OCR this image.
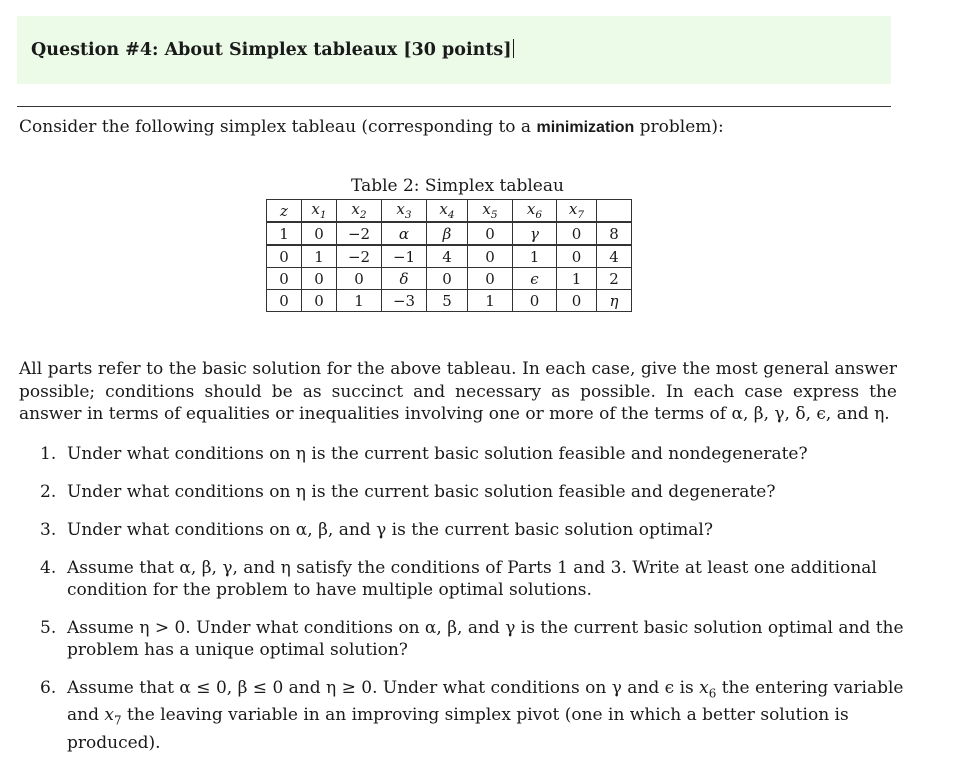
Question #4: About Simplex tableaux [30 points]
Consider the following simplex tableau (corresponding to a minimization problem):
Table 2: Simplex tableau
z	$x_1$	$x_2$	$x_3$	$x_4$	$x_5$	$x_6$	$x_7$	
1	0	−2	α	β	0	γ	0	8
0	1	−2	−1	4	0	1	0	4
0	0	0	δ	0	0	ϵ	1	2
0	0	1	−3	5	1	0	0	η
All parts refer to the basic solution for the above tableau. In each case, give the most general answer possible; conditions should be as succinct and necessary as possible. In each case express the answer in terms of equalities or inequalities involving one or more of the terms of α, β, γ, δ, ϵ, and η.
1. Under what conditions on η is the current basic solution feasible and nondegenerate?
2. Under what conditions on η is the current basic solution feasible and degenerate?
3. Under what conditions on α, β, and γ is the current basic solution optimal?
4. Assume that α, β, γ, and η satisfy the conditions of Parts 1 and 3. Write at least one additional condition for the problem to have multiple optimal solutions.
5. Assume η > 0. Under what conditions on α, β, and γ is the current basic solution optimal and the problem has a unique optimal solution?
6. Assume that α ≤ 0, β ≤ 0 and η ≥ 0. Under what conditions on γ and ϵ is $x_6$ the entering variable and $x_7$ the leaving variable in an improving simplex pivot (one in which a better solution is produced).
